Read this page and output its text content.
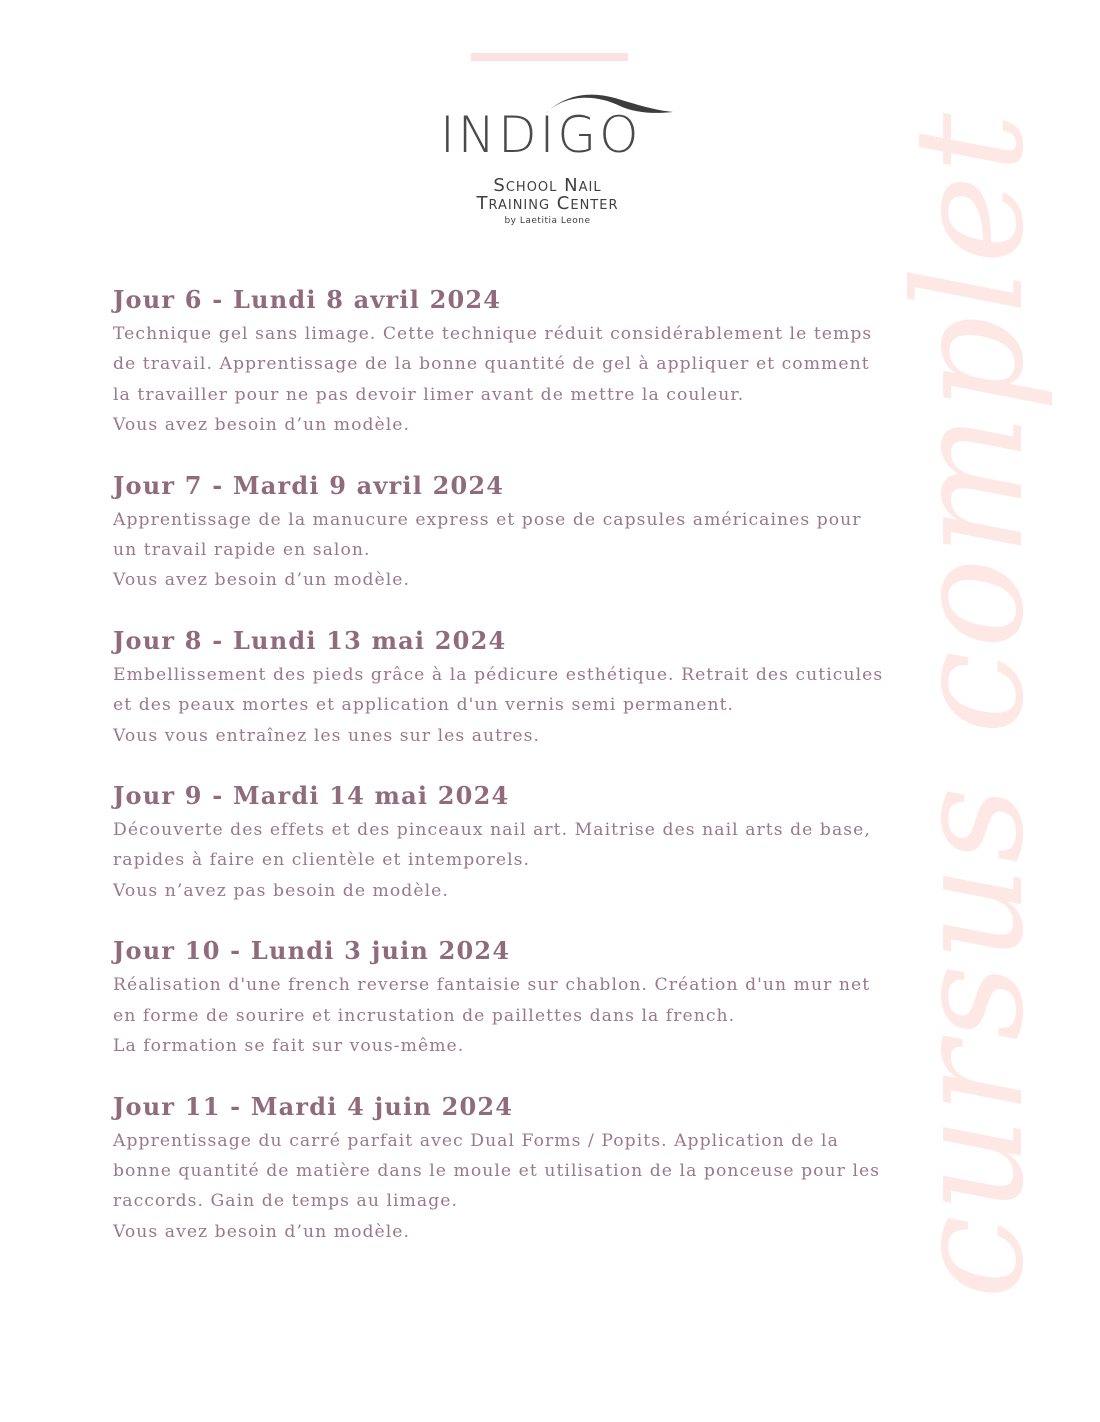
INDIGO
School Nail
Training Center
by Laetitia Leone	cursus complet
Jour 6 - Lundi 8 avril 2024
Technique gel sans limage. Cette technique réduit considérablement le temps
de travail. Apprentissage de la bonne quantité de gel à appliquer et comment
la travailler pour ne pas devoir limer avant de mettre la couleur.
Vous avez besoin d’un modèle.
Jour 7 - Mardi 9 avril 2024
Apprentissage de la manucure express et pose de capsules américaines pour
un travail rapide en salon.
Vous avez besoin d’un modèle.
Jour 8 - Lundi 13 mai 2024
Embellissement des pieds grâce à la pédicure esthétique. Retrait des cuticules
et des peaux mortes et application d'un vernis semi permanent.
Vous vous entraînez les unes sur les autres.
Jour 9 - Mardi 14 mai 2024
Découverte des effets et des pinceaux nail art. Maitrise des nail arts de base,
rapides à faire en clientèle et intemporels.
Vous n’avez pas besoin de modèle.
Jour 10 - Lundi 3 juin 2024
Réalisation d'une french reverse fantaisie sur chablon. Création d'un mur net
en forme de sourire et incrustation de paillettes dans la french.
La formation se fait sur vous-même.
Jour 11 - Mardi 4 juin 2024
Apprentissage du carré parfait avec Dual Forms / Popits. Application de la
bonne quantité de matière dans le moule et utilisation de la ponceuse pour les
raccords. Gain de temps au limage.
Vous avez besoin d’un modèle.
